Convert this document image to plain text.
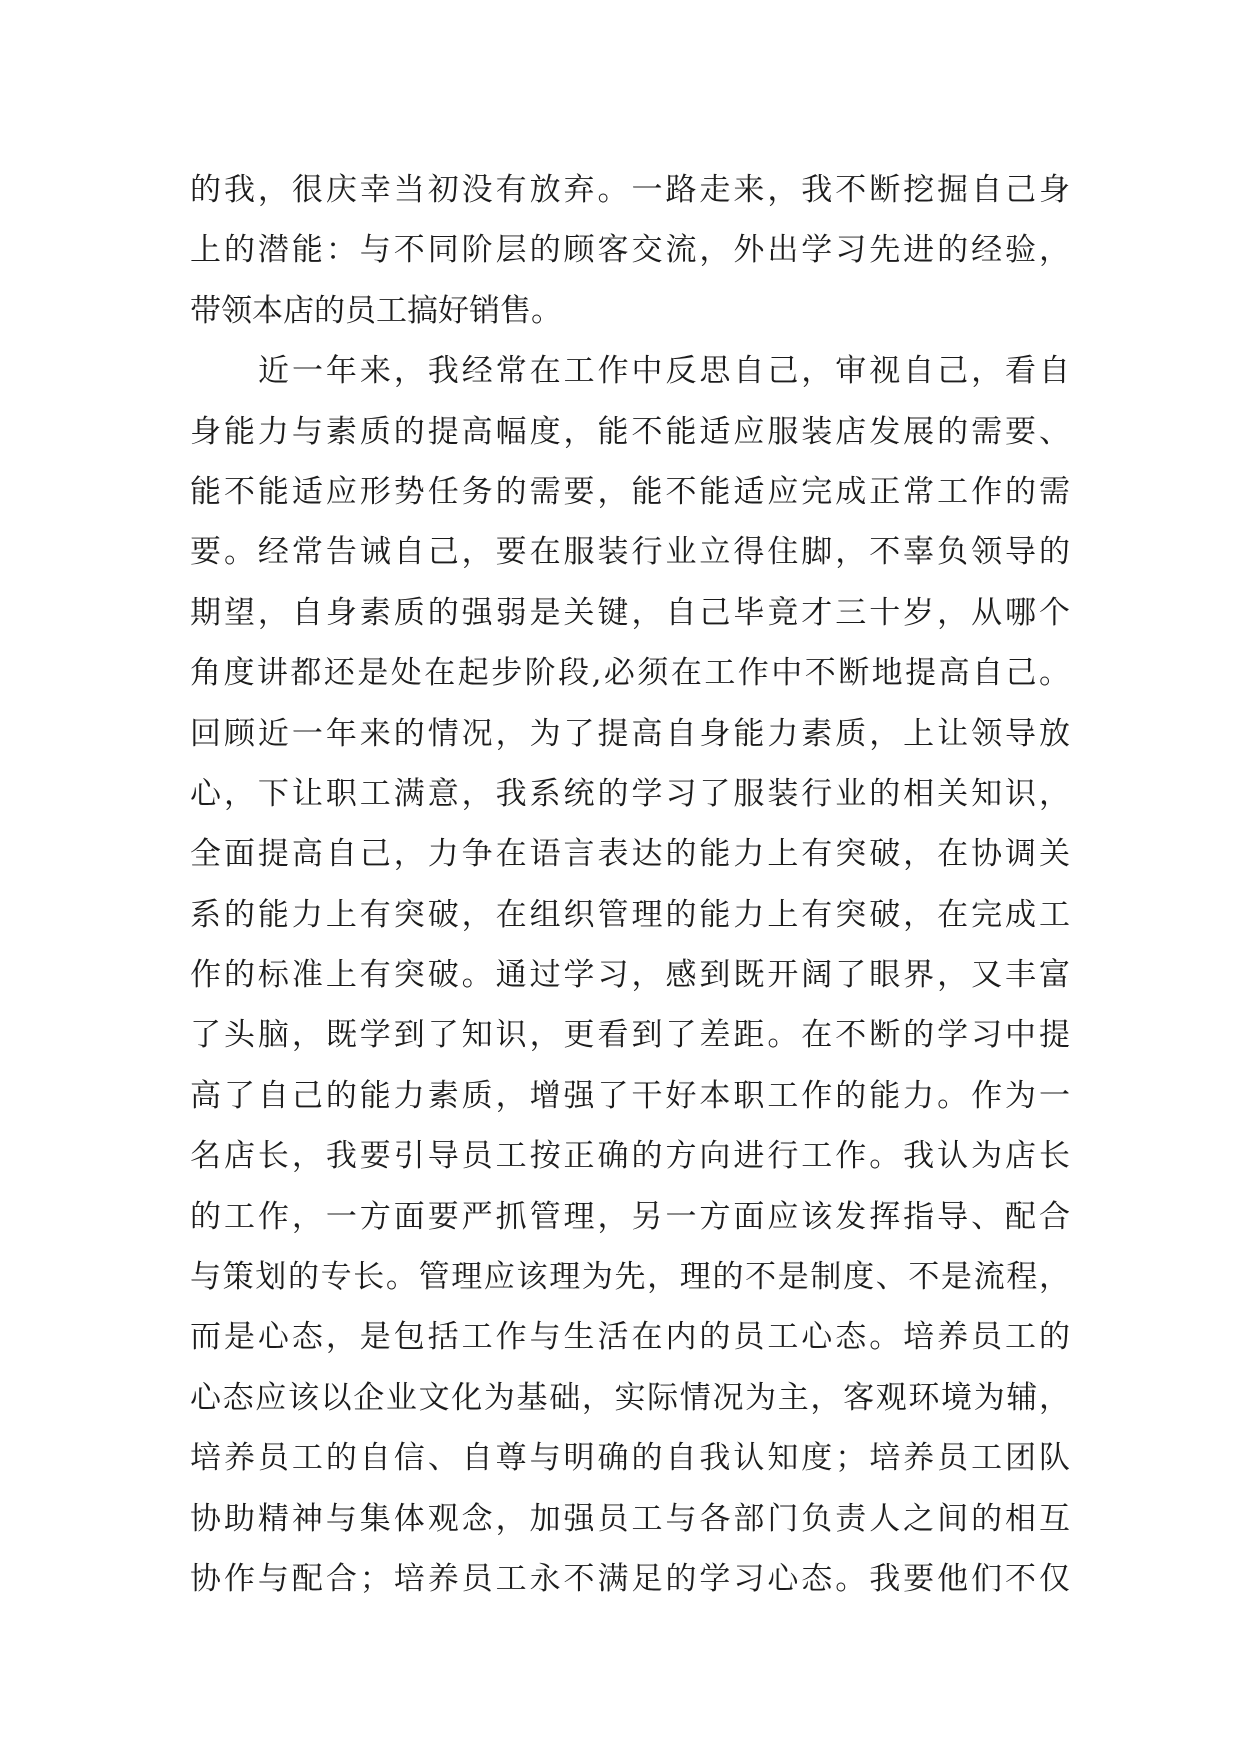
的我，很庆幸当初没有放弃。一路走来，我不断挖掘自己身
上的潜能：与不同阶层的顾客交流，外出学习先进的经验，
带领本店的员工搞好销售。
近一年来，我经常在工作中反思自己，审视自己，看自
身能力与素质的提高幅度，能不能适应服装店发展的需要、
能不能适应形势任务的需要，能不能适应完成正常工作的需
要。经常告诫自己，要在服装行业立得住脚，不辜负领导的
期望，自身素质的强弱是关键，自己毕竟才三十岁，从哪个
角度讲都还是处在起步阶段,必须在工作中不断地提高自己。
回顾近一年来的情况，为了提高自身能力素质，上让领导放
心，下让职工满意，我系统的学习了服装行业的相关知识，
全面提高自己，力争在语言表达的能力上有突破，在协调关
系的能力上有突破，在组织管理的能力上有突破，在完成工
作的标准上有突破。通过学习，感到既开阔了眼界，又丰富
了头脑，既学到了知识，更看到了差距。在不断的学习中提
高了自己的能力素质，增强了干好本职工作的能力。作为一
名店长，我要引导员工按正确的方向进行工作。我认为店长
的工作，一方面要严抓管理，另一方面应该发挥指导、配合
与策划的专长。管理应该理为先，理的不是制度、不是流程，
而是心态，是包括工作与生活在内的员工心态。培养员工的
心态应该以企业文化为基础，实际情况为主，客观环境为辅，
培养员工的自信、自尊与明确的自我认知度；培养员工团队
协助精神与集体观念，加强员工与各部门负责人之间的相互
协作与配合；培养员工永不满足的学习心态。我要他们不仅
